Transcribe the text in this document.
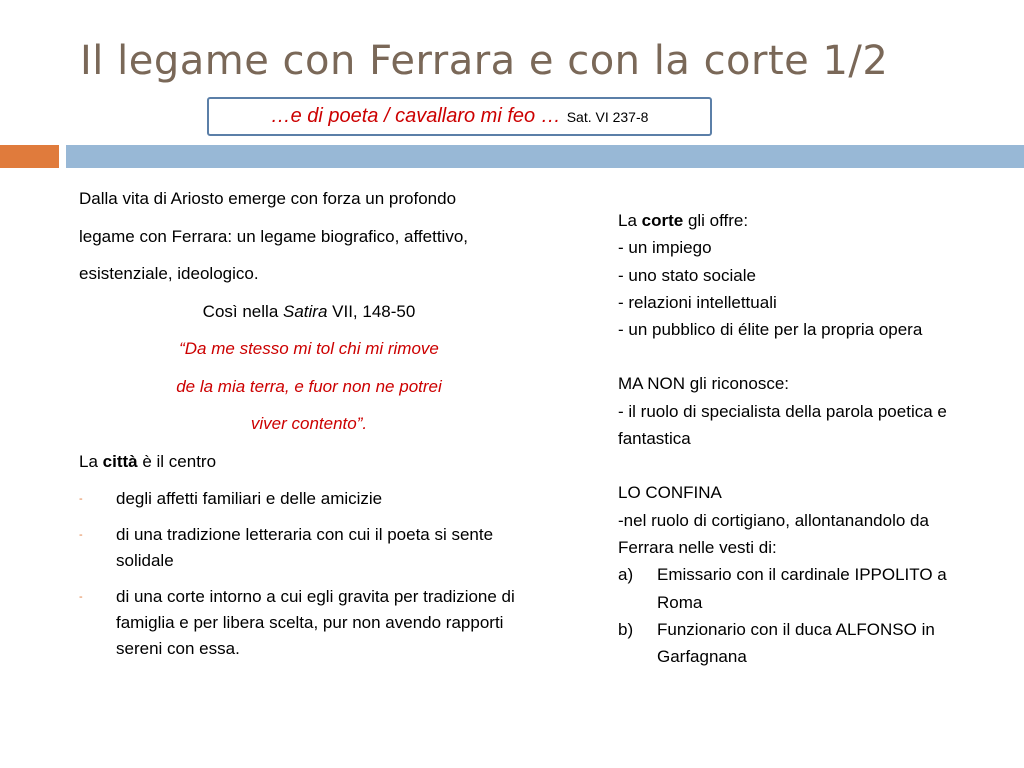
Il legame con Ferrara e con la corte 1/2
…e di poeta / cavallaro mi feo … Sat. VI 237-8
Dalla vita di Ariosto emerge con forza un profondo
legame con Ferrara: un legame biografico, affettivo,
esistenziale, ideologico.
Così nella Satira VII, 148-50
“Da me stesso mi tol chi mi rimove
de la mia terra, e fuor non ne potrei
viver contento”.
La città è il centro
- degli affetti familiari e delle amicizie
- di una tradizione letteraria con cui il poeta si sente solidale
- di una corte intorno a cui egli gravita per tradizione di famiglia e per libera scelta, pur non avendo rapporti sereni con essa.
La corte gli offre:
- un impiego
- uno stato sociale
- relazioni intellettuali
- un pubblico di élite per la propria opera
MA NON gli riconosce:
- il ruolo di specialista della parola poetica e fantastica
LO CONFINA
-nel ruolo di cortigiano, allontanandolo da Ferrara nelle vesti di:
a) Emissario con il cardinale IPPOLITO a Roma
b) Funzionario con il duca ALFONSO in Garfagnana
